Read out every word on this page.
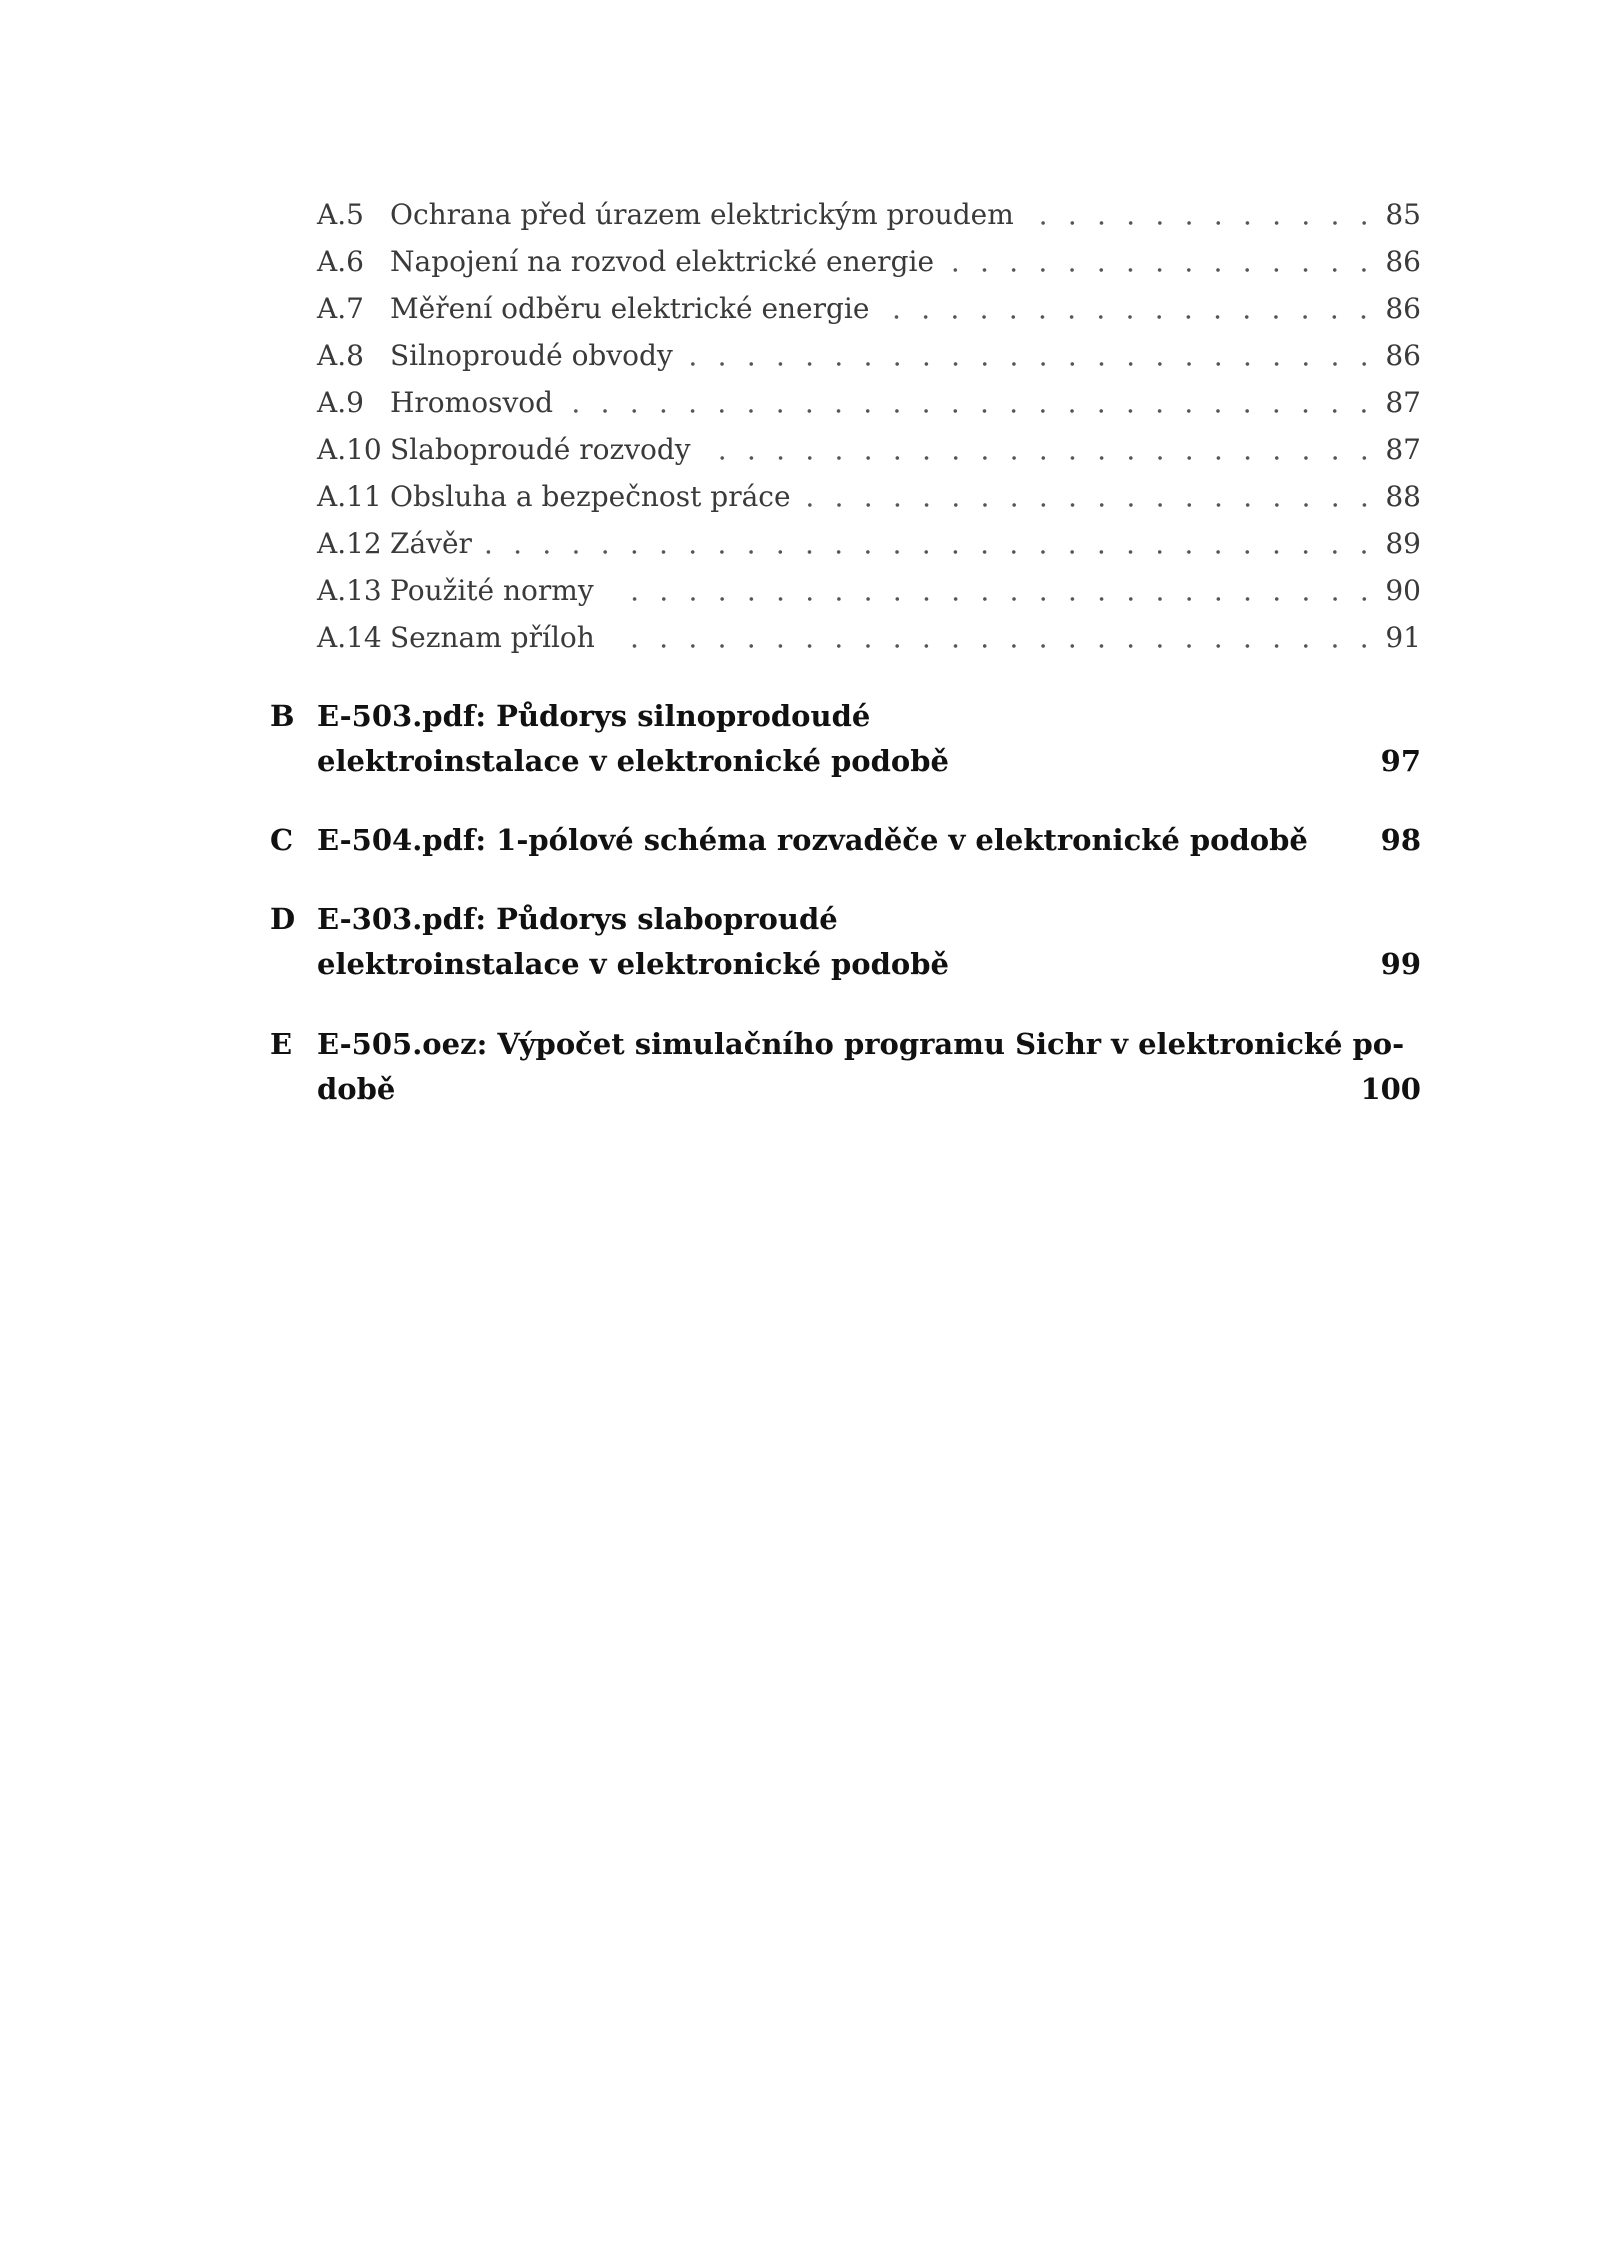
A.5 Ochrana před úrazem elektrickým proudem	85
A.6 Napojení na rozvod elektrické energie	86
A.7 Měření odběru elektrické energie	86
A.8 Silnoproudé obvody	86
A.9 Hromosvod	87
A.10 Slaboproudé rozvody	87
A.11 Obsluha a bezpečnost práce	88
A.12 Závěr	89
A.13 Použité normy	90
A.14 Seznam příloh	91
B E-503.pdf: Půdorys silnoprodoudé
elektroinstalace v elektronické podobě	97
C E-504.pdf: 1-pólové schéma rozvaděče v elektronické podobě	98
D E-303.pdf: Půdorys slaboproudé
elektroinstalace v elektronické podobě	99
E E-505.oez: Výpočet simulačního programu Sichr v elektronické po-
době	100
